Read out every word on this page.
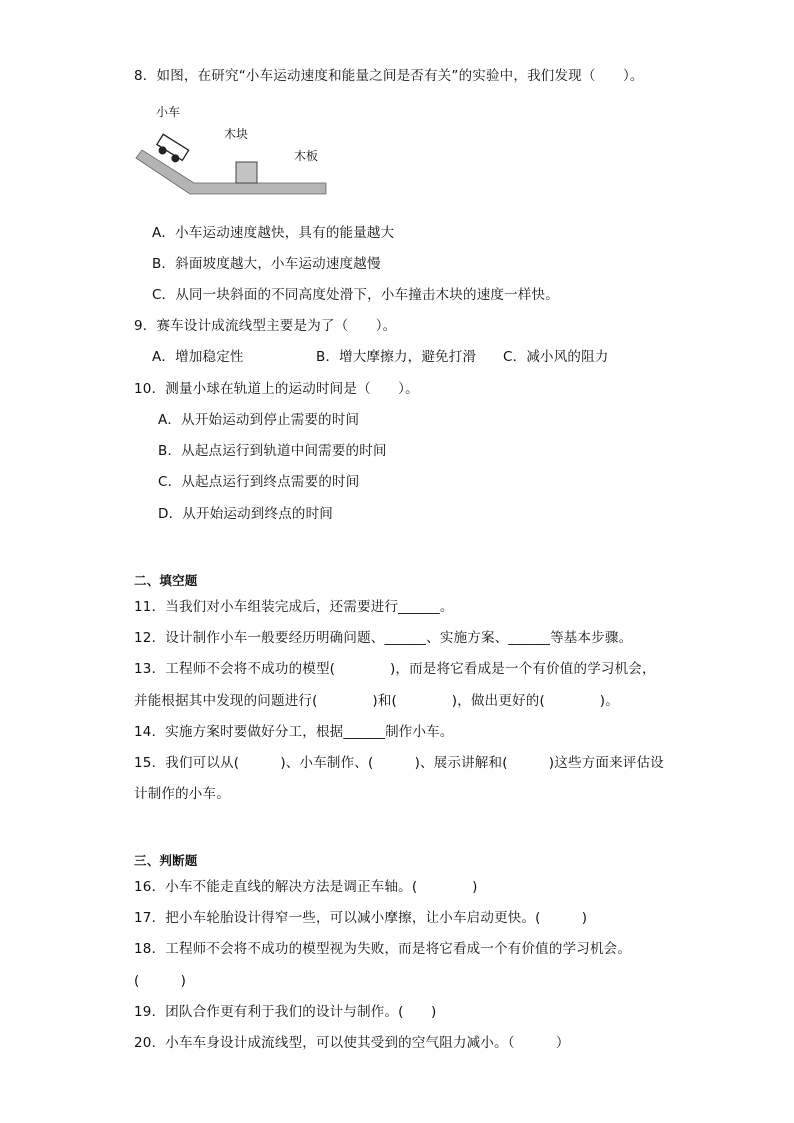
8．如图，在研究“小车运动速度和能量之间是否有关”的实验中，我们发现（　　）。
小车
木块
木板
A．小车运动速度越快，具有的能量越大
B．斜面坡度越大，小车运动速度越慢
C．从同一块斜面的不同高度处滑下，小车撞击木块的速度一样快。
9．赛车设计成流线型主要是为了（　　）。
A．增加稳定性	B．增大摩擦力，避免打滑 C．减小风的阻力
10．测量小球在轨道上的运动时间是（　　）。
A．从开始运动到停止需要的时间
B．从起点运行到轨道中间需要的时间
C．从起点运行到终点需要的时间
D．从开始运动到终点的时间
二、填空题
11．当我们对小车组装完成后，还需要进行______。
12．设计制作小车一般要经历明确问题、______、实施方案、______等基本步骤。
13．工程师不会将不成功的模型(　　　　)，而是将它看成是一个有价值的学习机会，
并能根据其中发现的问题进行(　　　　)和(　　　　)，做出更好的(　　　　)。
14．实施方案时要做好分工，根据______制作小车。
15．我们可以从(　　　)、小车制作、(　　　)、展示讲解和(　　　)这些方面来评估设
计制作的小车。
三、判断题
16．小车不能走直线的解决方法是调正车轴。(　　　　)
17．把小车轮胎设计得窄一些，可以减小摩擦，让小车启动更快。(　　　)
18．工程师不会将不成功的模型视为失败，而是将它看成一个有价值的学习机会。
(　　　)
19．团队合作更有利于我们的设计与制作。(　　)
20．小车车身设计成流线型，可以使其受到的空气阻力减小。（　　　）
